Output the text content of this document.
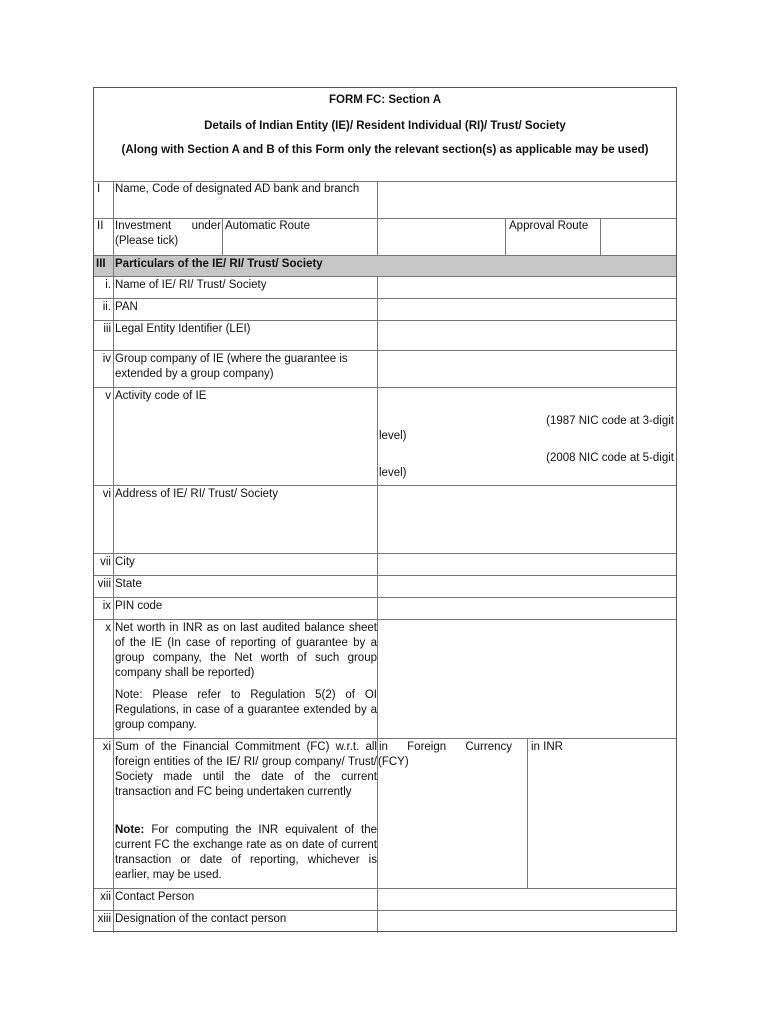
FORM FC: Section A
Details of Indian Entity (IE)/ Resident Individual (RI)/ Trust/ Society
(Along with Section A and B of this Form only the relevant section(s) as applicable may be used)
I Name, Code of designated AD bank and branch
II Investment under (Please tick)
Automatic Route	Approval Route
III Particulars of the IE/ RI/ Trust/ Society
i. Name of IE/ RI/ Trust/ Society
ii. PAN
iii Legal Entity Identifier (LEI)
iv Group company of IE (where the guarantee is extended by a group company)
v Activity code of IE
(1987 NIC code at 3-digit
level)
(2008 NIC code at 5-digit
level)
vi Address of IE/ RI/ Trust/ Society
vii City
viii State
ix PIN code
x Net worth in INR as on last audited balance sheet of the IE (In case of reporting of guarantee by a group company, the Net worth of such group company shall be reported)
Note: Please refer to Regulation 5(2) of OI Regulations, in case of a guarantee extended by a group company.
xi Sum of the Financial Commitment (FC) w.r.t. all foreign entities of the IE/ RI/ group company/ Trust/ Society made until the date of the current transaction and FC being undertaken currently
Note: For computing the INR equivalent of the current FC the exchange rate as on date of current transaction or date of reporting, whichever is earlier, may be used.
in Foreign Currency
(FCY)
in INR
xii Contact Person
xiii Designation of the contact person
